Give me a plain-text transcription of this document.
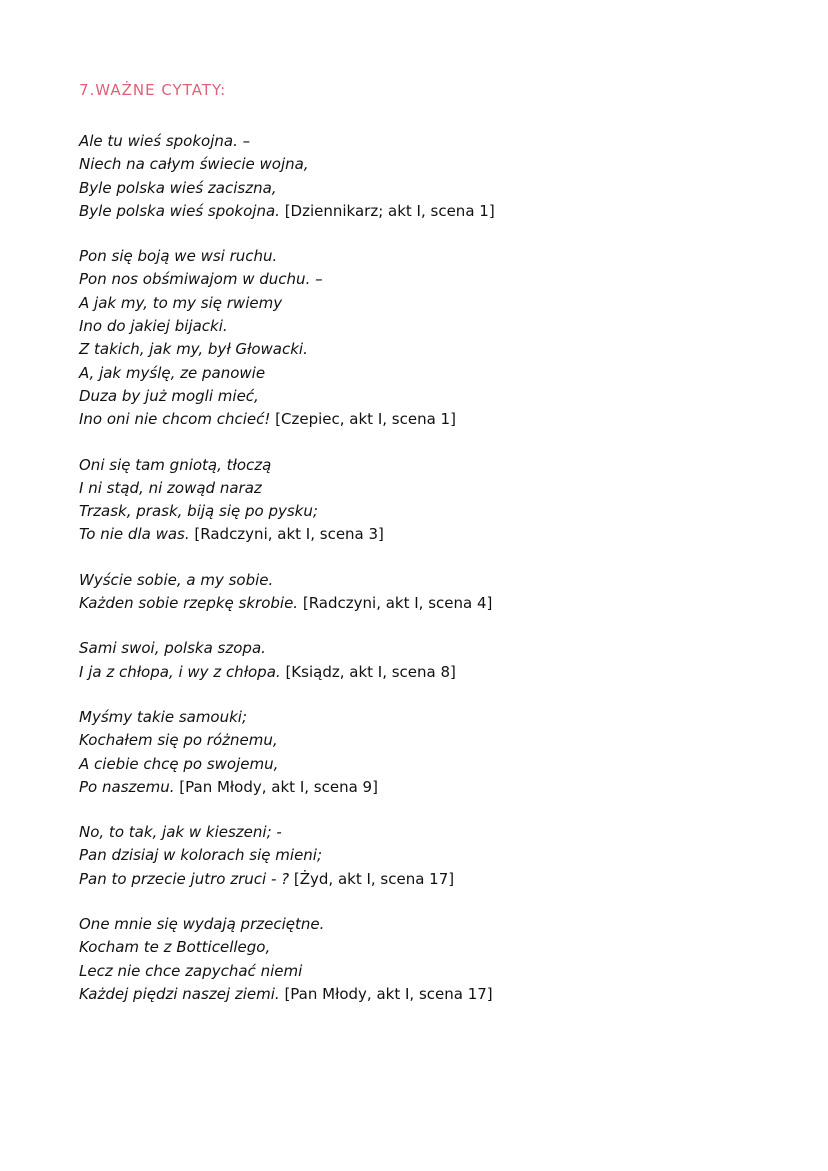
7.WAŻNE CYTATY:
Ale tu wieś spokojna. –
Niech na całym świecie wojna,
Byle polska wieś zaciszna,
Byle polska wieś spokojna. [Dziennikarz; akt I, scena 1]
Pon się boją we wsi ruchu.
Pon nos obśmiwajom w duchu. –
A jak my, to my się rwiemy
Ino do jakiej bijacki.
Z takich, jak my, był Głowacki.
A, jak myślę, ze panowie
Duza by już mogli mieć,
Ino oni nie chcom chcieć! [Czepiec, akt I, scena 1]
Oni się tam gniotą, tłoczą
I ni stąd, ni zowąd naraz
Trzask, prask, biją się po pysku;
To nie dla was. [Radczyni, akt I, scena 3]
Wyście sobie, a my sobie.
Każden sobie rzepkę skrobie. [Radczyni, akt I, scena 4]
Sami swoi, polska szopa.
I ja z chłopa, i wy z chłopa. [Ksiądz, akt I, scena 8]
Myśmy takie samouki;
Kochałem się po różnemu,
A ciebie chcę po swojemu,
Po naszemu. [Pan Młody, akt I, scena 9]
No, to tak, jak w kieszeni; -
Pan dzisiaj w kolorach się mieni;
Pan to przecie jutro zruci - ? [Żyd, akt I, scena 17]
One mnie się wydają przeciętne.
Kocham te z Botticellego,
Lecz nie chce zapychać niemi
Każdej piędzi naszej ziemi. [Pan Młody, akt I, scena 17]
